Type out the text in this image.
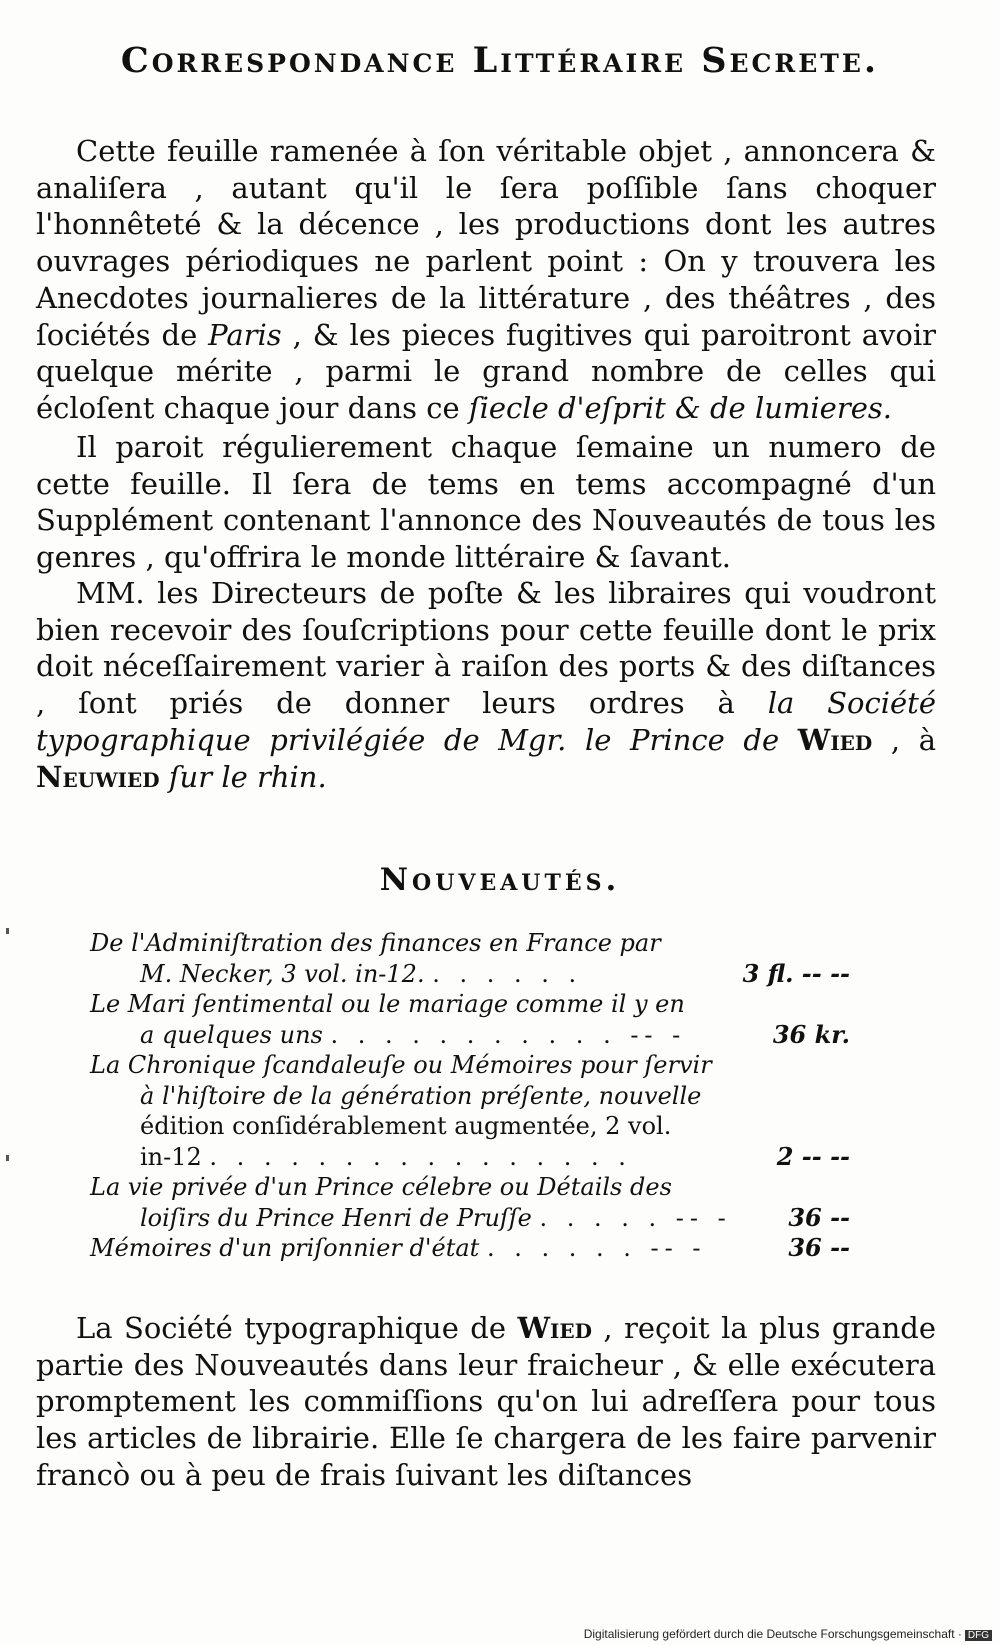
Correspondance Littéraire Secrete.
Cette feuille ramenée à ſon véritable objet , annoncera & analiſera , autant qu'il le ſera poſſible ſans choquer l'honnêteté & la décence , les productions dont les autres ouvrages périodiques ne parlent point : On y trouvera les Anecdotes journalieres de la littérature , des théâtres , des ſociétés de Paris , & les pieces fugitives qui paroitront avoir quelque mérite , parmi le grand nombre de celles qui écloſent chaque jour dans ce ſiecle d'eſprit & de lumieres.
Il paroit régulierement chaque ſemaine un numero de cette feuille. Il ſera de tems en tems accompagné d'un Supplément contenant l'annonce des Nouveautés de tous les genres , qu'offrira le monde littéraire & ſavant.
MM. les Directeurs de poſte & les libraires qui voudront bien recevoir des ſouſcriptions pour cette feuille dont le prix doit néceſſairement varier à raiſon des ports & des diſtances , ſont priés de donner leurs ordres à la Société typographique privilégiée de Mgr. le Prince de Wied , à Neuwied ſur le rhin.
Nouveautés.
De l'Adminiſtration des finances en France par
M. Necker, 3 vol. in-12. . . . . . .	3 fl. -- --
Le Mari ſentimental ou le mariage comme il y en
a quelques uns . . . . . . . . . . . -- -	36 kr.
La Chronique ſcandaleuſe ou Mémoires pour ſervir
à l'hiſtoire de la génération préſente, nouvelle
édition conſidérablement augmentée, 2 vol.
in-12 . . . . . . . . . . . . . . . .	2 -- --
La vie privée d'un Prince célebre ou Détails des
loiſirs du Prince Henri de Pruſſe . . . . . -- -	36 --
Mémoires d'un priſonnier d'état . . . . . . -- -	36 --
La Société typographique de Wied , reçoit la plus grande partie des Nouveautés dans leur fraicheur , & elle exécutera promptement les commiſſions qu'on lui adreſſera pour tous les articles de librairie. Elle ſe chargera de les faire parvenir francò ou à peu de frais ſuivant les diſtances
Digitalisierung gefördert durch die Deutsche Forschungsgemeinschaft · DFG
